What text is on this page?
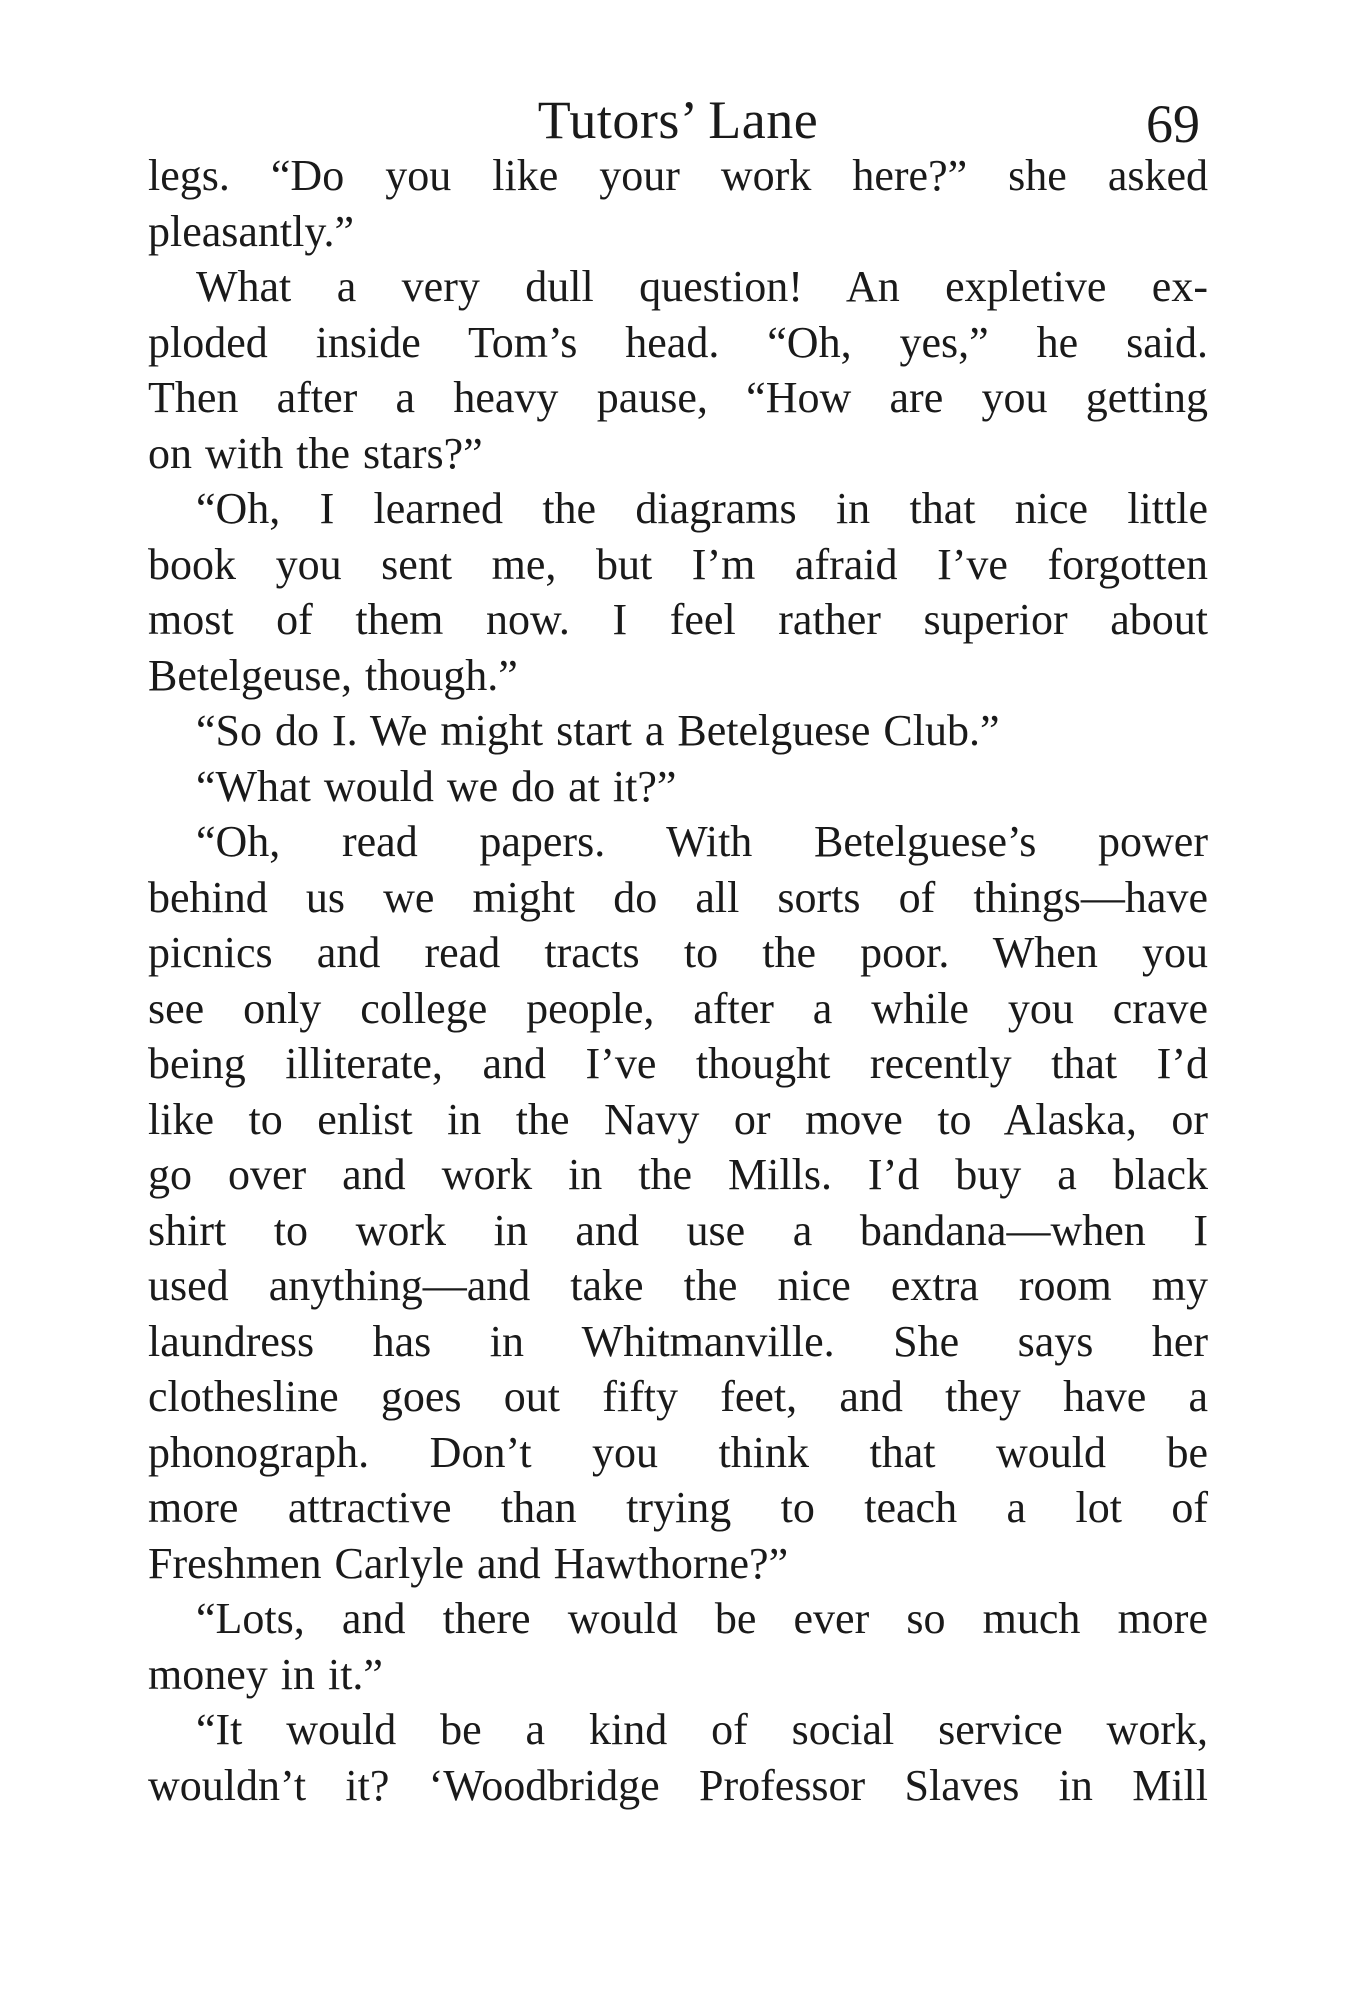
Tutors’ Lane	69
legs. “Do you like your work here?” she asked
pleasantly.”
What a very dull question! An expletive ex-
ploded inside Tom’s head. “Oh, yes,” he said.
Then after a heavy pause, “How are you getting
on with the stars?”
“Oh, I learned the diagrams in that nice little
book you sent me, but I’m afraid I’ve forgotten
most of them now. I feel rather superior about
Betelgeuse, though.”
“So do I. We might start a Betelguese Club.”
“What would we do at it?”
“Oh, read papers. With Betelguese’s power
behind us we might do all sorts of things—have
picnics and read tracts to the poor. When you
see only college people, after a while you crave
being illiterate, and I’ve thought recently that I’d
like to enlist in the Navy or move to Alaska, or
go over and work in the Mills. I’d buy a black
shirt to work in and use a bandana—when I
used anything—and take the nice extra room my
laundress has in Whitmanville. She says her
clothesline goes out fifty feet, and they have a
phonograph. Don’t you think that would be
more attractive than trying to teach a lot of
Freshmen Carlyle and Hawthorne?”
“Lots, and there would be ever so much more
money in it.”
“It would be a kind of social service work,
wouldn’t it? ‘Woodbridge Professor Slaves in Mill
